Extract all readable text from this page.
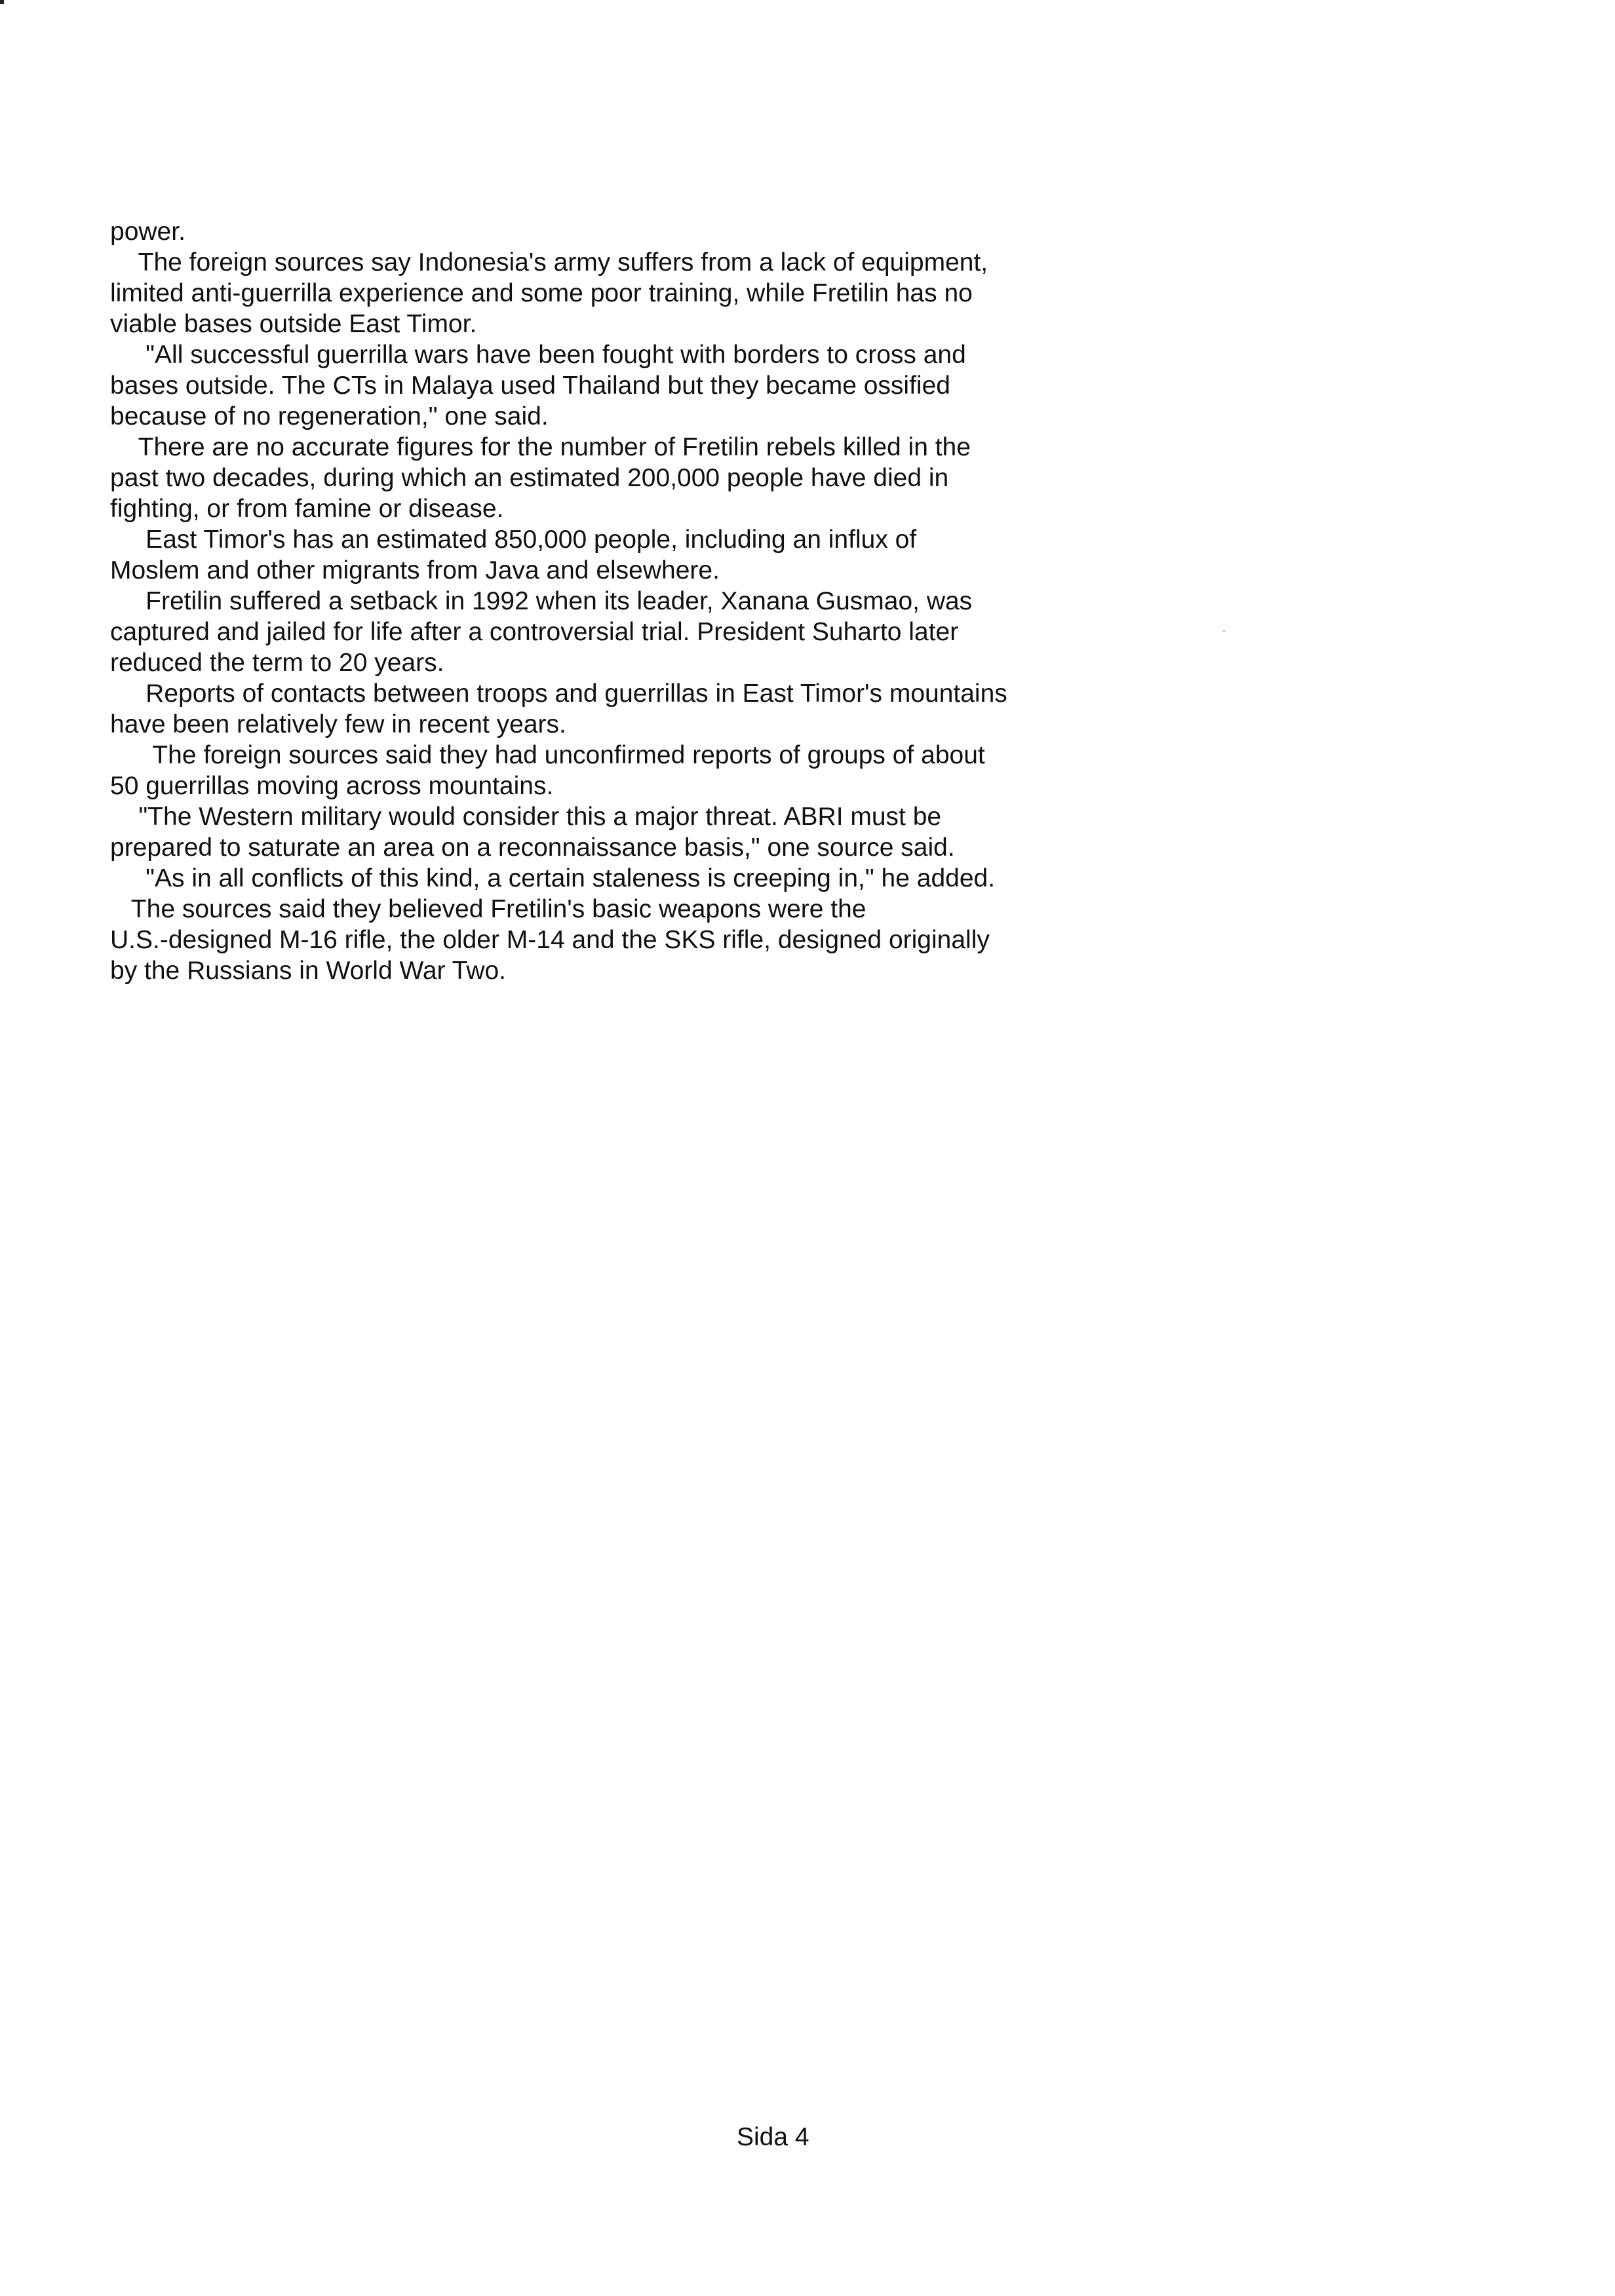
power.

The foreign sources say Indonesia's army suffers from a lack of equipment,

limited anti-guerrilla experience and some poor training, while Fretilin has no

viable bases outside East Timor.

"All successful guerrilla wars have been fought with borders to cross and

bases outside. The CTs in Malaya used Thailand but they became ossified

because of no regeneration," one said.

There are no accurate figures for the number of Fretilin rebels killed in the

past two decades, during which an estimated 200,000 people have died in

fighting, or from famine or disease.

East Timor's has an estimated 850,000 people, including an influx of

Moslem and other migrants from Java and elsewhere.

Fretilin suffered a setback in 1992 when its leader, Xanana Gusmao, was

captured and jailed for life after a controversial trial. President Suharto later

reduced the term to 20 years.

Reports of contacts between troops and guerrillas in East Timor's mountains

have been relatively few in recent years.

The foreign sources said they had unconfirmed reports of groups of about

50 guerrillas moving across mountains.

"The Western military would consider this a major threat. ABRI must be

prepared to saturate an area on a reconnaissance basis," one source said.

"As in all conflicts of this kind, a certain staleness is creeping in," he added.

The sources said they believed Fretilin's basic weapons were the

U.S.-designed M-16 rifle, the older M-14 and the SKS rifle, designed originally

by the Russians in World War Two.

Sida 4
